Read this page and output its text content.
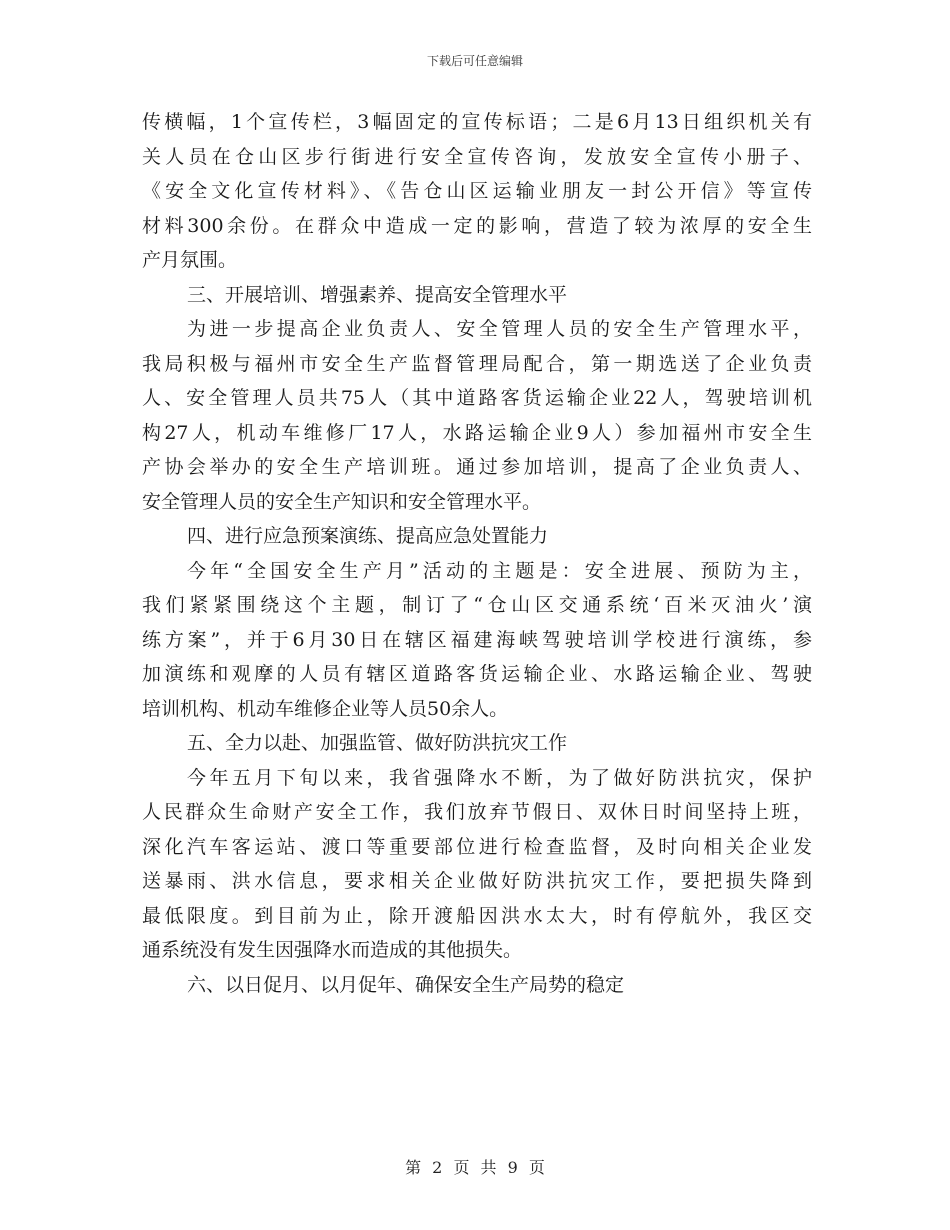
下载后可任意编辑
传横幅，1个宣传栏，3幅固定的宣传标语；二是6月13日组织机关有
关人员在仓山区步行街进行安全宣传咨询，发放安全宣传小册子、
《安全文化宣传材料》、《告仓山区运输业朋友一封公开信》等宣传
材料300余份。在群众中造成一定的影响，营造了较为浓厚的安全生
产月氛围。
三、开展培训、增强素养、提高安全管理水平
为进一步提高企业负责人、安全管理人员的安全生产管理水平，
我局积极与福州市安全生产监督管理局配合，第一期选送了企业负责
人、安全管理人员共75人（其中道路客货运输企业22人，驾驶培训机
构27人，机动车维修厂17人，水路运输企业9人）参加福州市安全生
产协会举办的安全生产培训班。通过参加培训，提高了企业负责人、
安全管理人员的安全生产知识和安全管理水平。
四、进行应急预案演练、提高应急处置能力
今年“全国安全生产月”活动的主题是：安全进展、预防为主，
我们紧紧围绕这个主题，制订了“仓山区交通系统‘百米灭油火’演
练方案”，并于6月30日在辖区福建海峡驾驶培训学校进行演练，参
加演练和观摩的人员有辖区道路客货运输企业、水路运输企业、驾驶
培训机构、机动车维修企业等人员50余人。
五、全力以赴、加强监管、做好防洪抗灾工作
今年五月下旬以来，我省强降水不断，为了做好防洪抗灾，保护
人民群众生命财产安全工作，我们放弃节假日、双休日时间坚持上班，
深化汽车客运站、渡口等重要部位进行检查监督，及时向相关企业发
送暴雨、洪水信息，要求相关企业做好防洪抗灾工作，要把损失降到
最低限度。到目前为止，除开渡船因洪水太大，时有停航外，我区交
通系统没有发生因强降水而造成的其他损失。
六、以日促月、以月促年、确保安全生产局势的稳定
第 2 页 共 9 页
